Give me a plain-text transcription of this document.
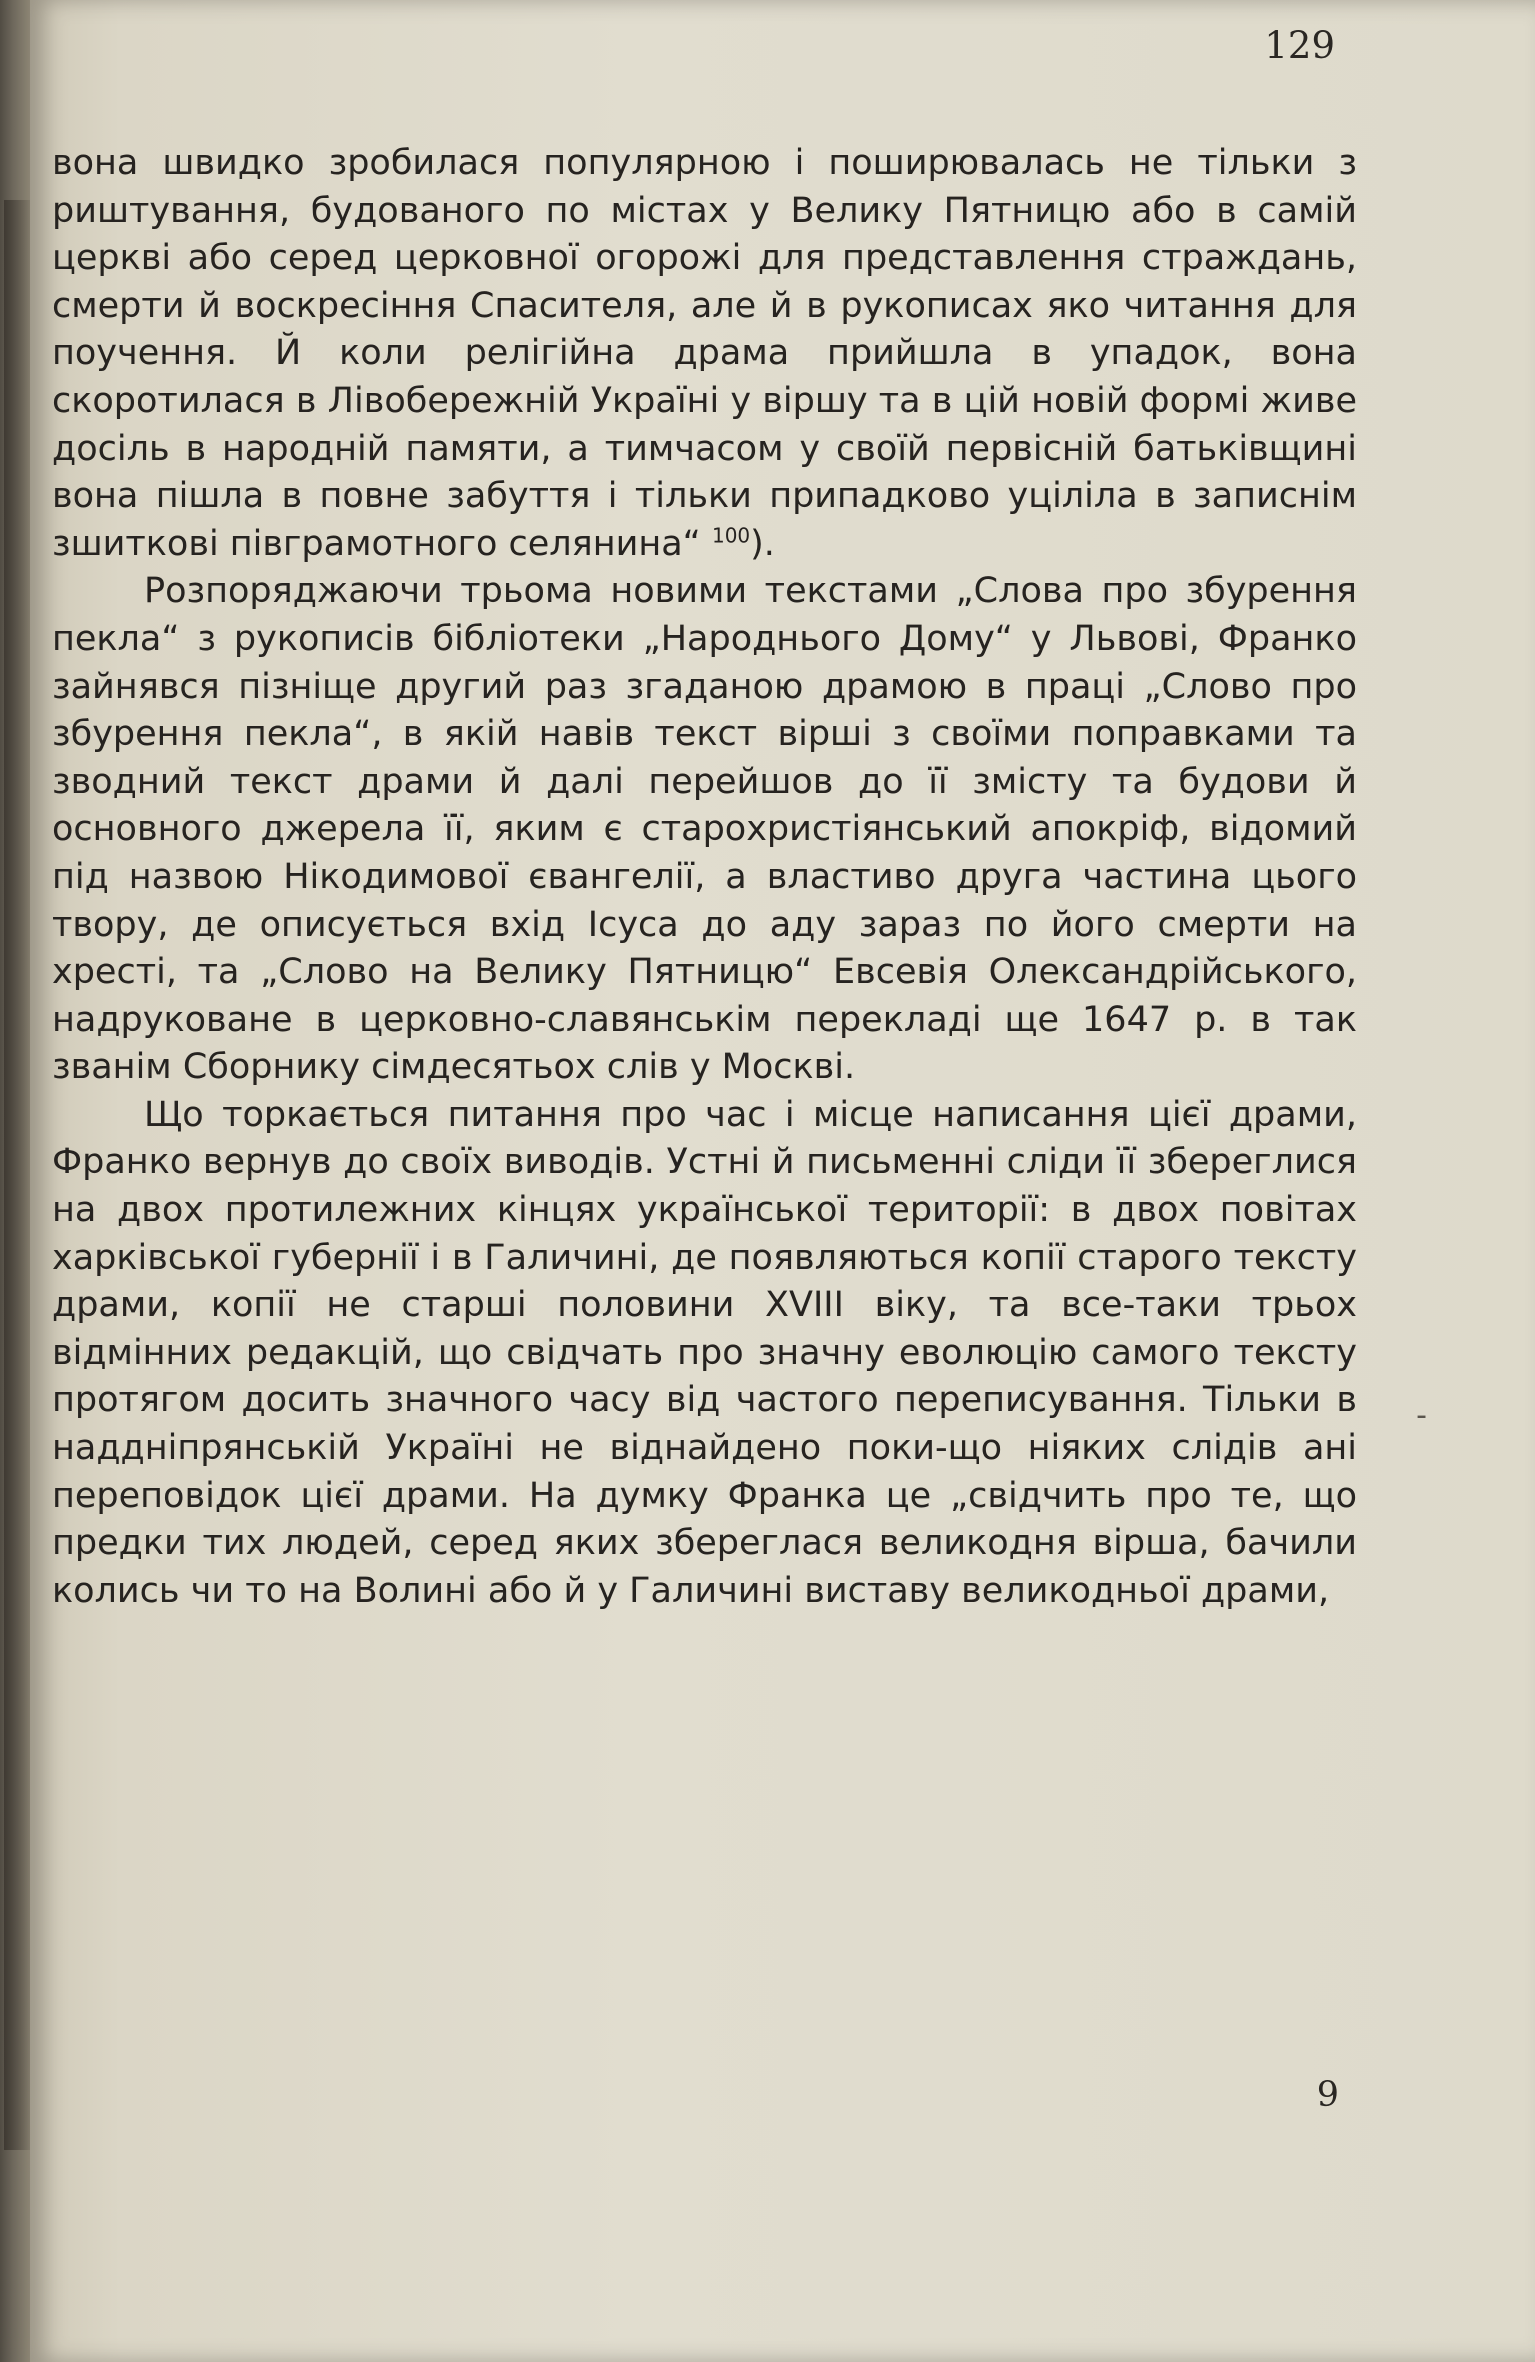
129

вона швидко зробилася популярною і поширювалась не тільки з риштування, будованого по містах у Велику Пятницю або в самій церкві або серед церковної огорожі для представлення страждань, смерти й воскресіння Спасителя, але й в рукописах яко читання для поучення. Й коли релігійна драма прийшла в упадок, вона скоротилася в Лівобережній Україні у віршу та в цій новій формі живе досіль в народній памяти, а тимчасом у своїй первісній батьківщині вона пішла в повне забуття і тільки припадково уціліла в записнім зшиткові півграмотного селянина“ $^{100}$).

Розпоряджаючи трьома новими текстами „Слова про збурення пекла“ з рукописів бібліотеки „Народнього Дому“ у Львові, Франко зайнявся пізніще другий раз згаданою драмою в праці „Слово про збурення пекла“, в якій навів текст вірші з своїми поправками та зводний текст драми й далі перейшов до її змісту та будови й основного джерела її, яким є старохристіянський апокріф, відомий під назвою Нікодимової євангелії, а властиво друга частина цього твору, де описується вхід Ісуса до аду зараз по його смерти на хресті, та „Слово на Велику Пятницю“ Евсевія Олександрійського, надруковане в церковно-славянськім перекладі ще 1647 р. в так званім Сборнику сімдесятьох слів у Москві.

Що торкається питання про час і місце написання цієї драми, Франко вернув до своїх виводів. Устні й письменні сліди її збереглися на двох протилежних кінцях української території: в двох повітах харківської губернії і в Галичині, де появляються копії старого тексту драми, копії не старші половини XVIII віку, та все-таки трьох відмінних редакцій, що свідчать про значну еволюцію самого тексту протягом досить значного часу від частого переписування. Тільки в наддніпрянській Україні не віднайдено поки-що ніяких слідів ані переповідок цієї драми. На думку Франка це „свідчить про те, що предки тих людей, серед яких збереглася великодня вірша, бачили колись чи то на Волині або й у Галичині виставу великодньої драми,

-
9
